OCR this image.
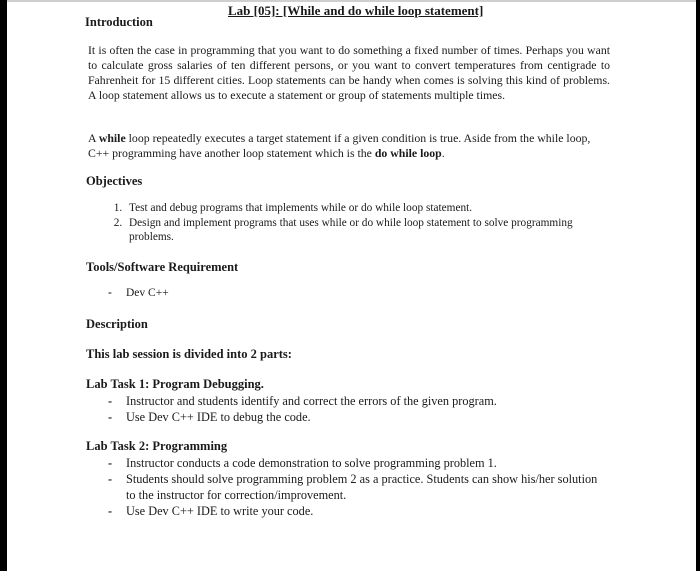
Lab [05]: [While and do while loop statement]

Introduction

It is often the case in programming that you want to do something a fixed number of times. Perhaps you want to calculate gross salaries of ten different persons, or you want to convert temperatures from centigrade to Fahrenheit for 15 different cities. Loop statements can be handy when comes is solving this kind of problems. A loop statement allows us to execute a statement or group of statements multiple times.

A while loop repeatedly executes a target statement if a given condition is true. Aside from the while loop, C++ programming have another loop statement which is the do while loop.

Objectives

1. Test and debug programs that implements while or do while loop statement.
2. Design and implement programs that uses while or do while loop statement to solve programming problems.

Tools/Software Requirement

- Dev C++

Description

This lab session is divided into 2 parts:

Lab Task 1: Program Debugging.

- Instructor and students identify and correct the errors of the given program.
- Use Dev C++ IDE to debug the code.

Lab Task 2: Programming

- Instructor conducts a code demonstration to solve programming problem 1.
- Students should solve programming problem 2 as a practice. Students can show his/her solution to the instructor for correction/improvement.
- Use Dev C++ IDE to write your code.
